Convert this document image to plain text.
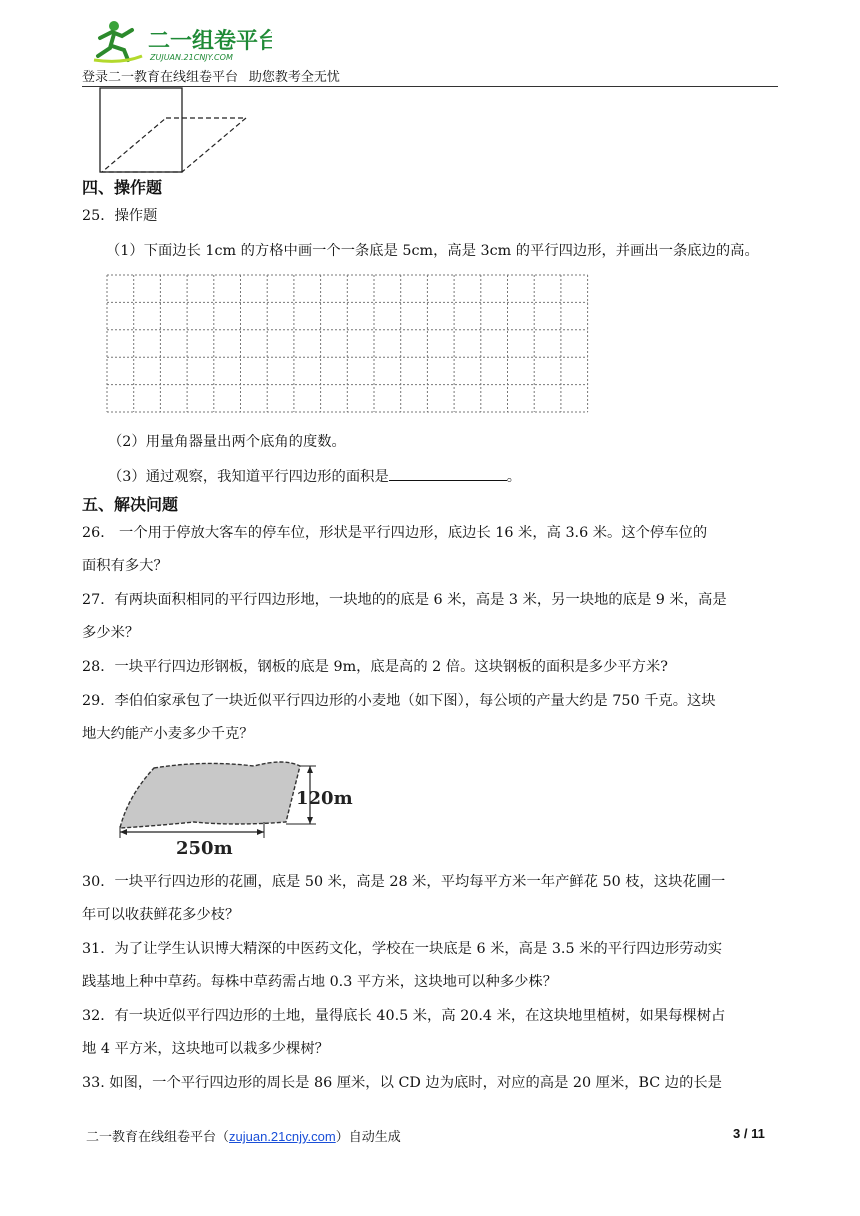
二一组卷平台
ZUJUAN.21CNJY.COM
登录二一教育在线组卷平台   助您教考全无忧
四、操作题
25．操作题
（1）下面边长 1cm 的方格中画一个一条底是 5cm，高是 3cm 的平行四边形，并画出一条底边的高。
（2）用量角器量出两个底角的度数。
（3）通过观察，我知道平行四边形的面积是	。
五、解决问题
26． 一个用于停放大客车的停车位，形状是平行四边形，底边长 16 米，高 3.6 米。这个停车位的
面积有多大？
27．有两块面积相同的平行四边形地，一块地的的底是 6 米，高是 3 米，另一块地的底是 9 米，高是
多少米？
28．一块平行四边形钢板，钢板的底是 9m，底是高的 2 倍。这块钢板的面积是多少平方米?
29．李伯伯家承包了一块近似平行四边形的小麦地（如下图），每公顷的产量大约是 750 千克。这块
地大约能产小麦多少千克？
120m
250m
30．一块平行四边形的花圃，底是 50 米，高是 28 米，平均每平方米一年产鲜花 50 枝，这块花圃一
年可以收获鲜花多少枝？
31．为了让学生认识博大精深的中医药文化，学校在一块底是 6 米，高是 3.5 米的平行四边形劳动实
践基地上种中草药。每株中草药需占地 0.3 平方米，这块地可以种多少株？
32．有一块近似平行四边形的土地，量得底长 40.5 米，高 20.4 米，在这块地里植树，如果每棵树占
地 4 平方米，这块地可以栽多少棵树？
33. 如图，一个平行四边形的周长是 86 厘米，以 CD 边为底时，对应的高是 20 厘米，BC 边的长是
二一教育在线组卷平台（zujuan.21cnjy.com）自动生成	3 / 11
